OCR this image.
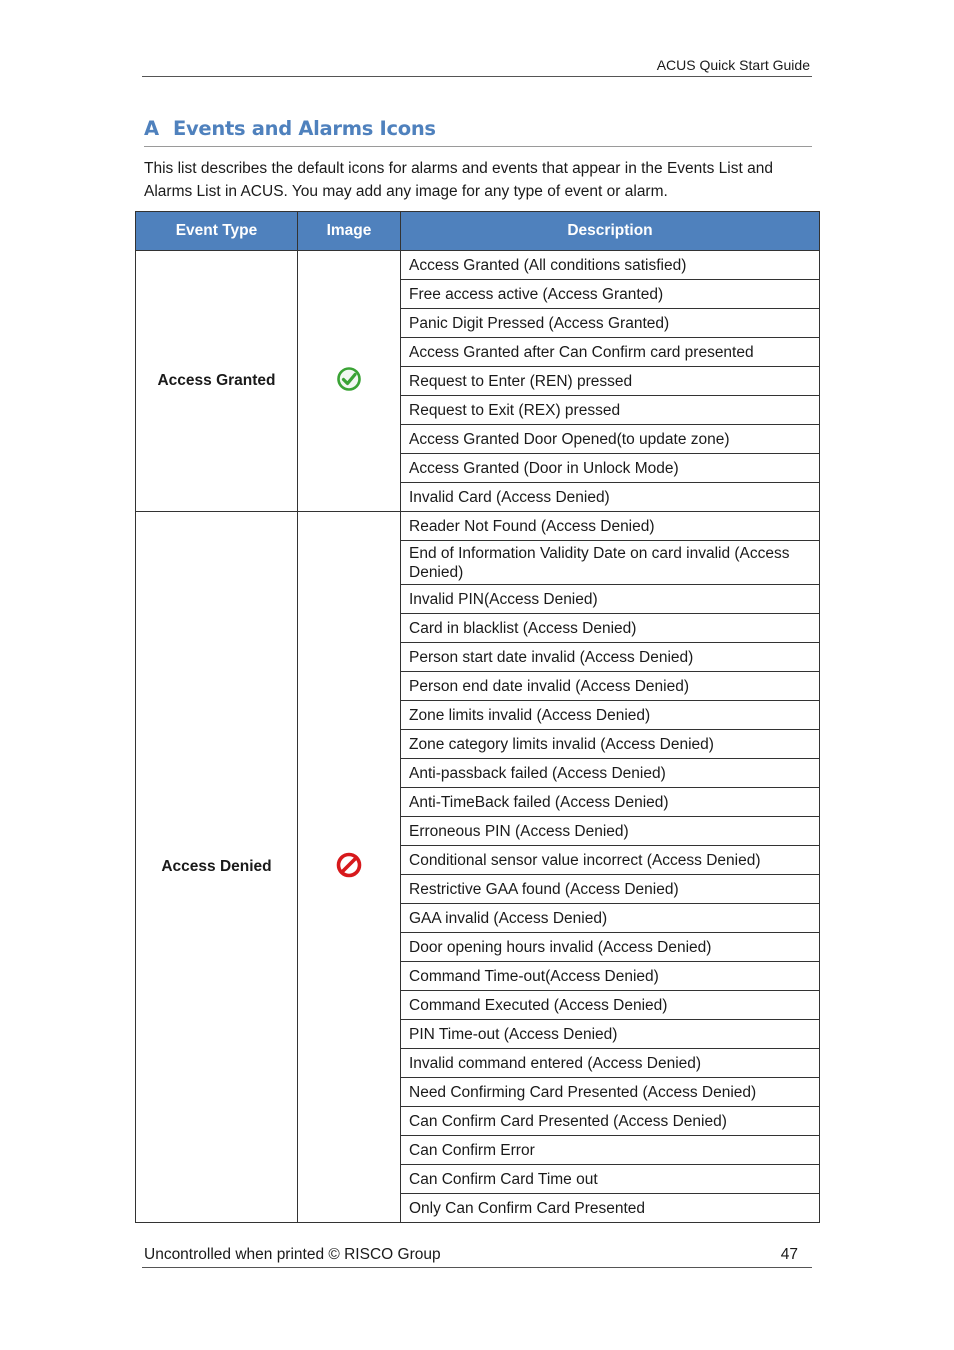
ACUS Quick Start Guide
A Events and Alarms Icons

This list describes the default icons for alarms and events that appear in the Events List and Alarms List in ACUS. You may add any image for any type of event or alarm.

Event Type	Image	Description
Access Granted		Access Granted (All conditions satisfied)
		Free access active (Access Granted)
		Panic Digit Pressed (Access Granted)
		Access Granted after Can Confirm card presented
		Request to Enter (REN) pressed
		Request to Exit (REX) pressed
		Access Granted Door Opened(to update zone)
		Access Granted (Door in Unlock Mode)
		Invalid Card (Access Denied)
Access Denied		Reader Not Found (Access Denied)
		End of Information Validity Date on card invalid (Access Denied)
		Invalid PIN(Access Denied)
		Card in blacklist (Access Denied)
		Person start date invalid (Access Denied)
		Person end date invalid (Access Denied)
		Zone limits invalid (Access Denied)
		Zone category limits invalid (Access Denied)
		Anti-passback failed (Access Denied)
		Anti-TimeBack failed (Access Denied)
		Erroneous PIN (Access Denied)
		Conditional sensor value incorrect (Access Denied)
		Restrictive GAA found (Access Denied)
		GAA invalid (Access Denied)
		Door opening hours invalid (Access Denied)
		Command Time-out(Access Denied)
		Command Executed (Access Denied)
		PIN Time-out (Access Denied)
		Invalid command entered (Access Denied)
		Need Confirming Card Presented (Access Denied)
		Can Confirm Card Presented (Access Denied)
		Can Confirm Error
		Can Confirm Card Time out
		Only Can Confirm Card Presented
Uncontrolled when printed © RISCO Group	47
